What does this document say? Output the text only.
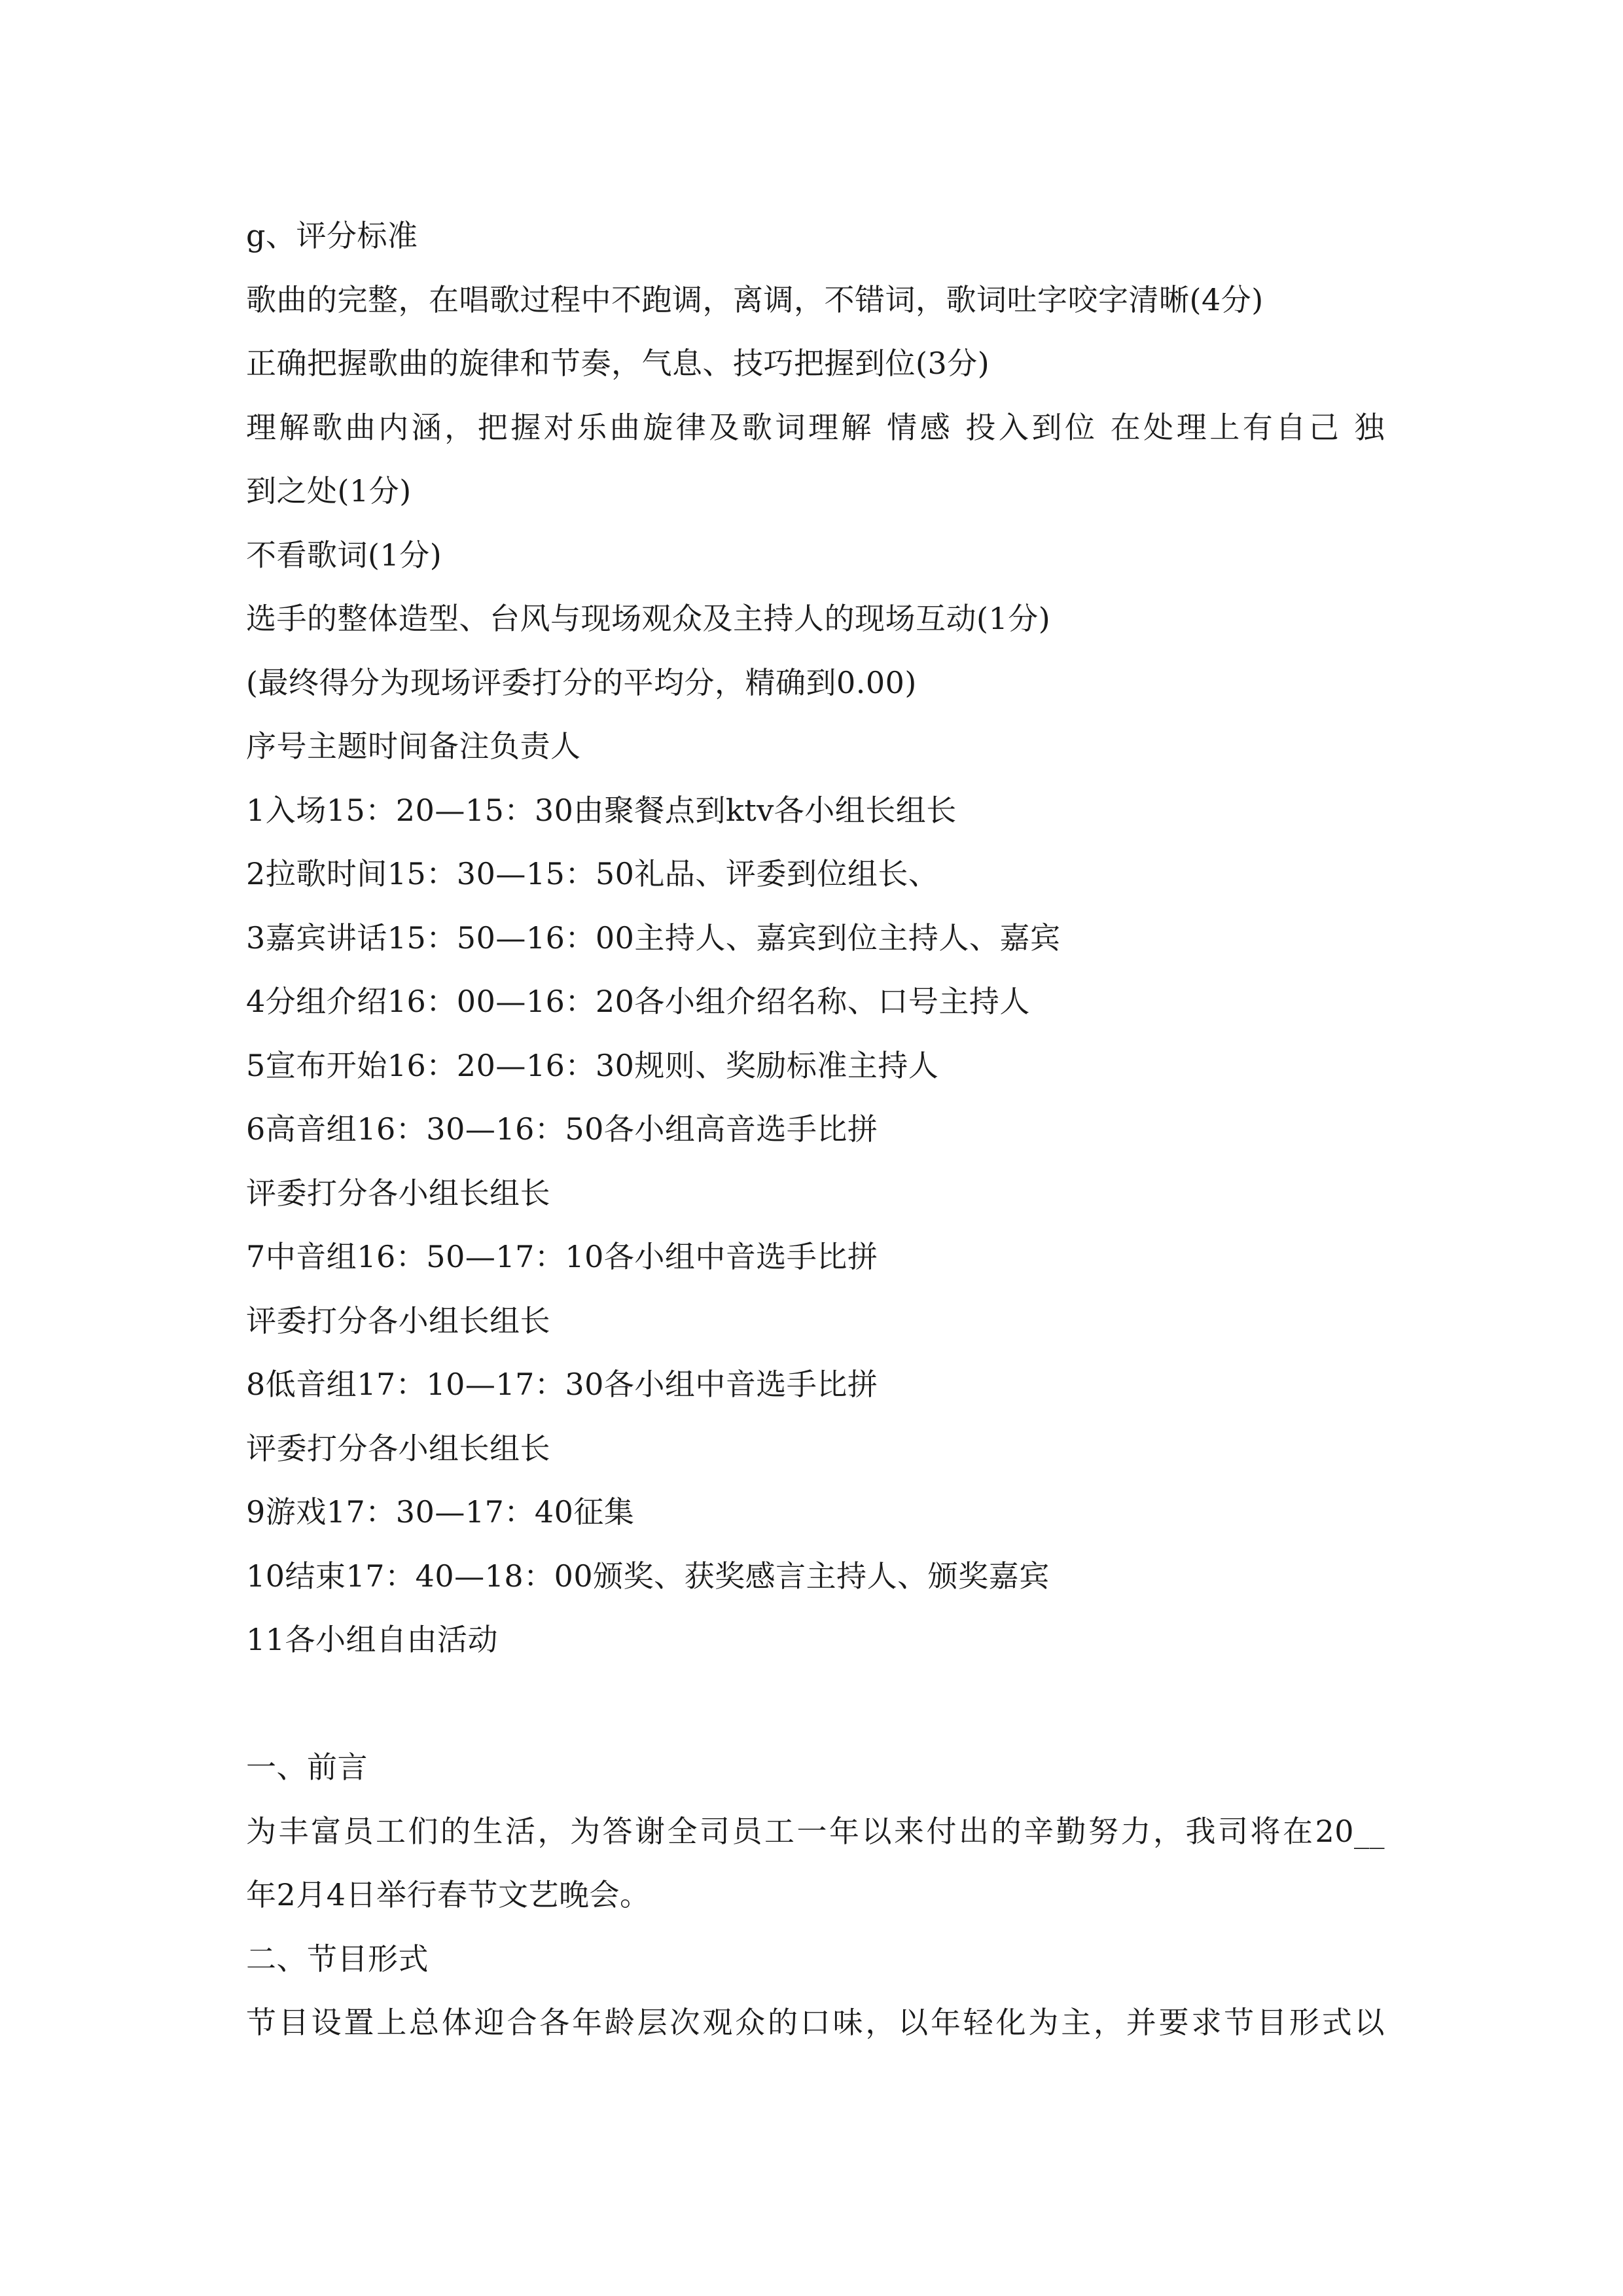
g、评分标准
歌曲的完整，在唱歌过程中不跑调，离调，不错词，歌词吐字咬字清晰(4分)
正确把握歌曲的旋律和节奏，气息、技巧把握到位(3分)
理解歌曲内涵，把握对乐曲旋律及歌词理解 情感 投入到位 在处理上有自己 独
到之处(1分)
不看歌词(1分)
选手的整体造型、台风与现场观众及主持人的现场互动(1分)
(最终得分为现场评委打分的平均分，精确到0.00)
序号主题时间备注负责人
1入场15：20—15：30由聚餐点到ktv各小组长组长
2拉歌时间15：30—15：50礼品、评委到位组长、
3嘉宾讲话15：50—16：00主持人、嘉宾到位主持人、嘉宾
4分组介绍16：00—16：20各小组介绍名称、口号主持人
5宣布开始16：20—16：30规则、奖励标准主持人
6高音组16：30—16：50各小组高音选手比拼
评委打分各小组长组长
7中音组16：50—17：10各小组中音选手比拼
评委打分各小组长组长
8低音组17：10—17：30各小组中音选手比拼
评委打分各小组长组长
9游戏17：30—17：40征集
10结束17：40—18：00颁奖、获奖感言主持人、颁奖嘉宾
11各小组自由活动
一、前言
为丰富员工们的生活，为答谢全司员工一年以来付出的辛勤努力，我司将在20__
年2月4日举行春节文艺晚会。
二、节目形式
节目设置上总体迎合各年龄层次观众的口味，以年轻化为主，并要求节目形式以
